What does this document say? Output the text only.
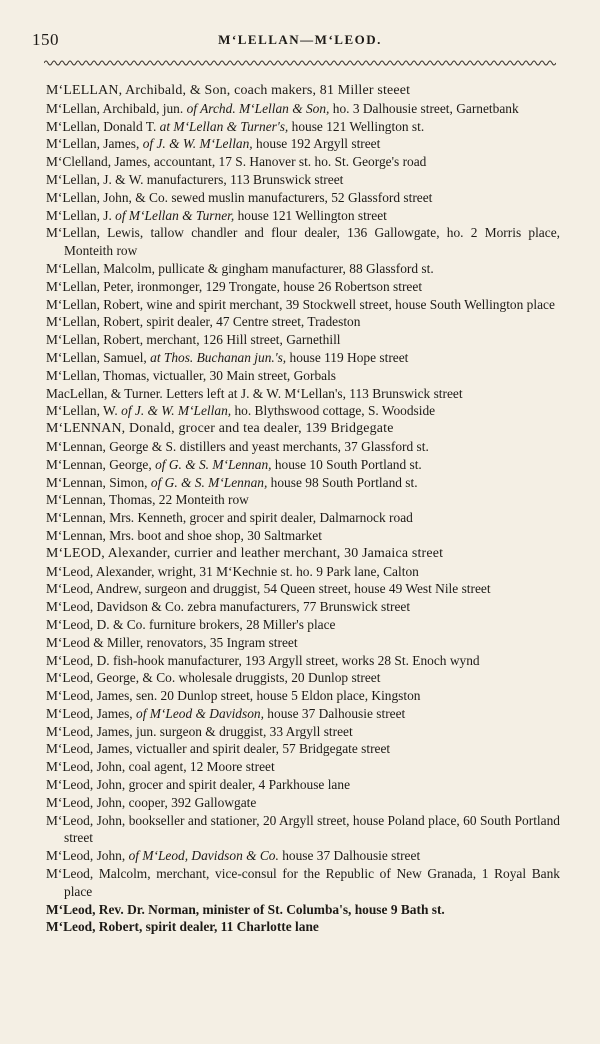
150	M‘LELLAN—M‘LEOD.

M‘LELLAN, Archibald, & Son, coach makers, 81 Miller steeet

M‘Lellan, Archibald, jun. of Archd. M‘Lellan & Son, ho. 3 Dalhousie street, Garnetbank

M‘Lellan, Donald T. at M‘Lellan & Turner's, house 121 Wellington st.

M‘Lellan, James, of J. & W. M‘Lellan, house 192 Argyll street

M‘Clelland, James, accountant, 17 S. Hanover st. ho. St. George's road

M‘Lellan, J. & W. manufacturers, 113 Brunswick street

M‘Lellan, John, & Co. sewed muslin manufacturers, 52 Glassford street

M‘Lellan, J. of M‘Lellan & Turner, house 121 Wellington street

M‘Lellan, Lewis, tallow chandler and flour dealer, 136 Gallowgate, ho. 2 Morris place, Monteith row

M‘Lellan, Malcolm, pullicate & gingham manufacturer, 88 Glassford st.

M‘Lellan, Peter, ironmonger, 129 Trongate, house 26 Robertson street

M‘Lellan, Robert, wine and spirit merchant, 39 Stockwell street, house South Wellington place

M‘Lellan, Robert, spirit dealer, 47 Centre street, Tradeston

M‘Lellan, Robert, merchant, 126 Hill street, Garnethill

M‘Lellan, Samuel, at Thos. Buchanan jun.'s, house 119 Hope street

M‘Lellan, Thomas, victualler, 30 Main street, Gorbals

MacLellan, & Turner. Letters left at J. & W. M‘Lellan's, 113 Brunswick street

M‘Lellan, W. of J. & W. M‘Lellan, ho. Blythswood cottage, S. Woodside

M‘LENNAN, Donald, grocer and tea dealer, 139 Bridgegate

M‘Lennan, George & S. distillers and yeast merchants, 37 Glassford st.

M‘Lennan, George, of G. & S. M‘Lennan, house 10 South Portland st.

M‘Lennan, Simon, of G. & S. M‘Lennan, house 98 South Portland st.

M‘Lennan, Thomas, 22 Monteith row

M‘Lennan, Mrs. Kenneth, grocer and spirit dealer, Dalmarnock road

M‘Lennan, Mrs. boot and shoe shop, 30 Saltmarket

M‘LEOD, Alexander, currier and leather merchant, 30 Jamaica street

M‘Leod, Alexander, wright, 31 M‘Kechnie st. ho. 9 Park lane, Calton

M‘Leod, Andrew, surgeon and druggist, 54 Queen street, house 49 West Nile street

M‘Leod, Davidson & Co. zebra manufacturers, 77 Brunswick street

M‘Leod, D. & Co. furniture brokers, 28 Miller's place

M‘Leod & Miller, renovators, 35 Ingram street

M‘Leod, D. fish-hook manufacturer, 193 Argyll street, works 28 St. Enoch wynd

M‘Leod, George, & Co. wholesale druggists, 20 Dunlop street

M‘Leod, James, sen. 20 Dunlop street, house 5 Eldon place, Kingston

M‘Leod, James, of M‘Leod & Davidson, house 37 Dalhousie street

M‘Leod, James, jun. surgeon & druggist, 33 Argyll street

M‘Leod, James, victualler and spirit dealer, 57 Bridgegate street

M‘Leod, John, coal agent, 12 Moore street

M‘Leod, John, grocer and spirit dealer, 4 Parkhouse lane

M‘Leod, John, cooper, 392 Gallowgate

M‘Leod, John, bookseller and stationer, 20 Argyll street, house Poland place, 60 South Portland street

M‘Leod, John, of M‘Leod, Davidson & Co. house 37 Dalhousie street

M‘Leod, Malcolm, merchant, vice-consul for the Republic of New Granada, 1 Royal Bank place

M‘Leod, Rev. Dr. Norman, minister of St. Columba's, house 9 Bath st.

M‘Leod, Robert, spirit dealer, 11 Charlotte lane
